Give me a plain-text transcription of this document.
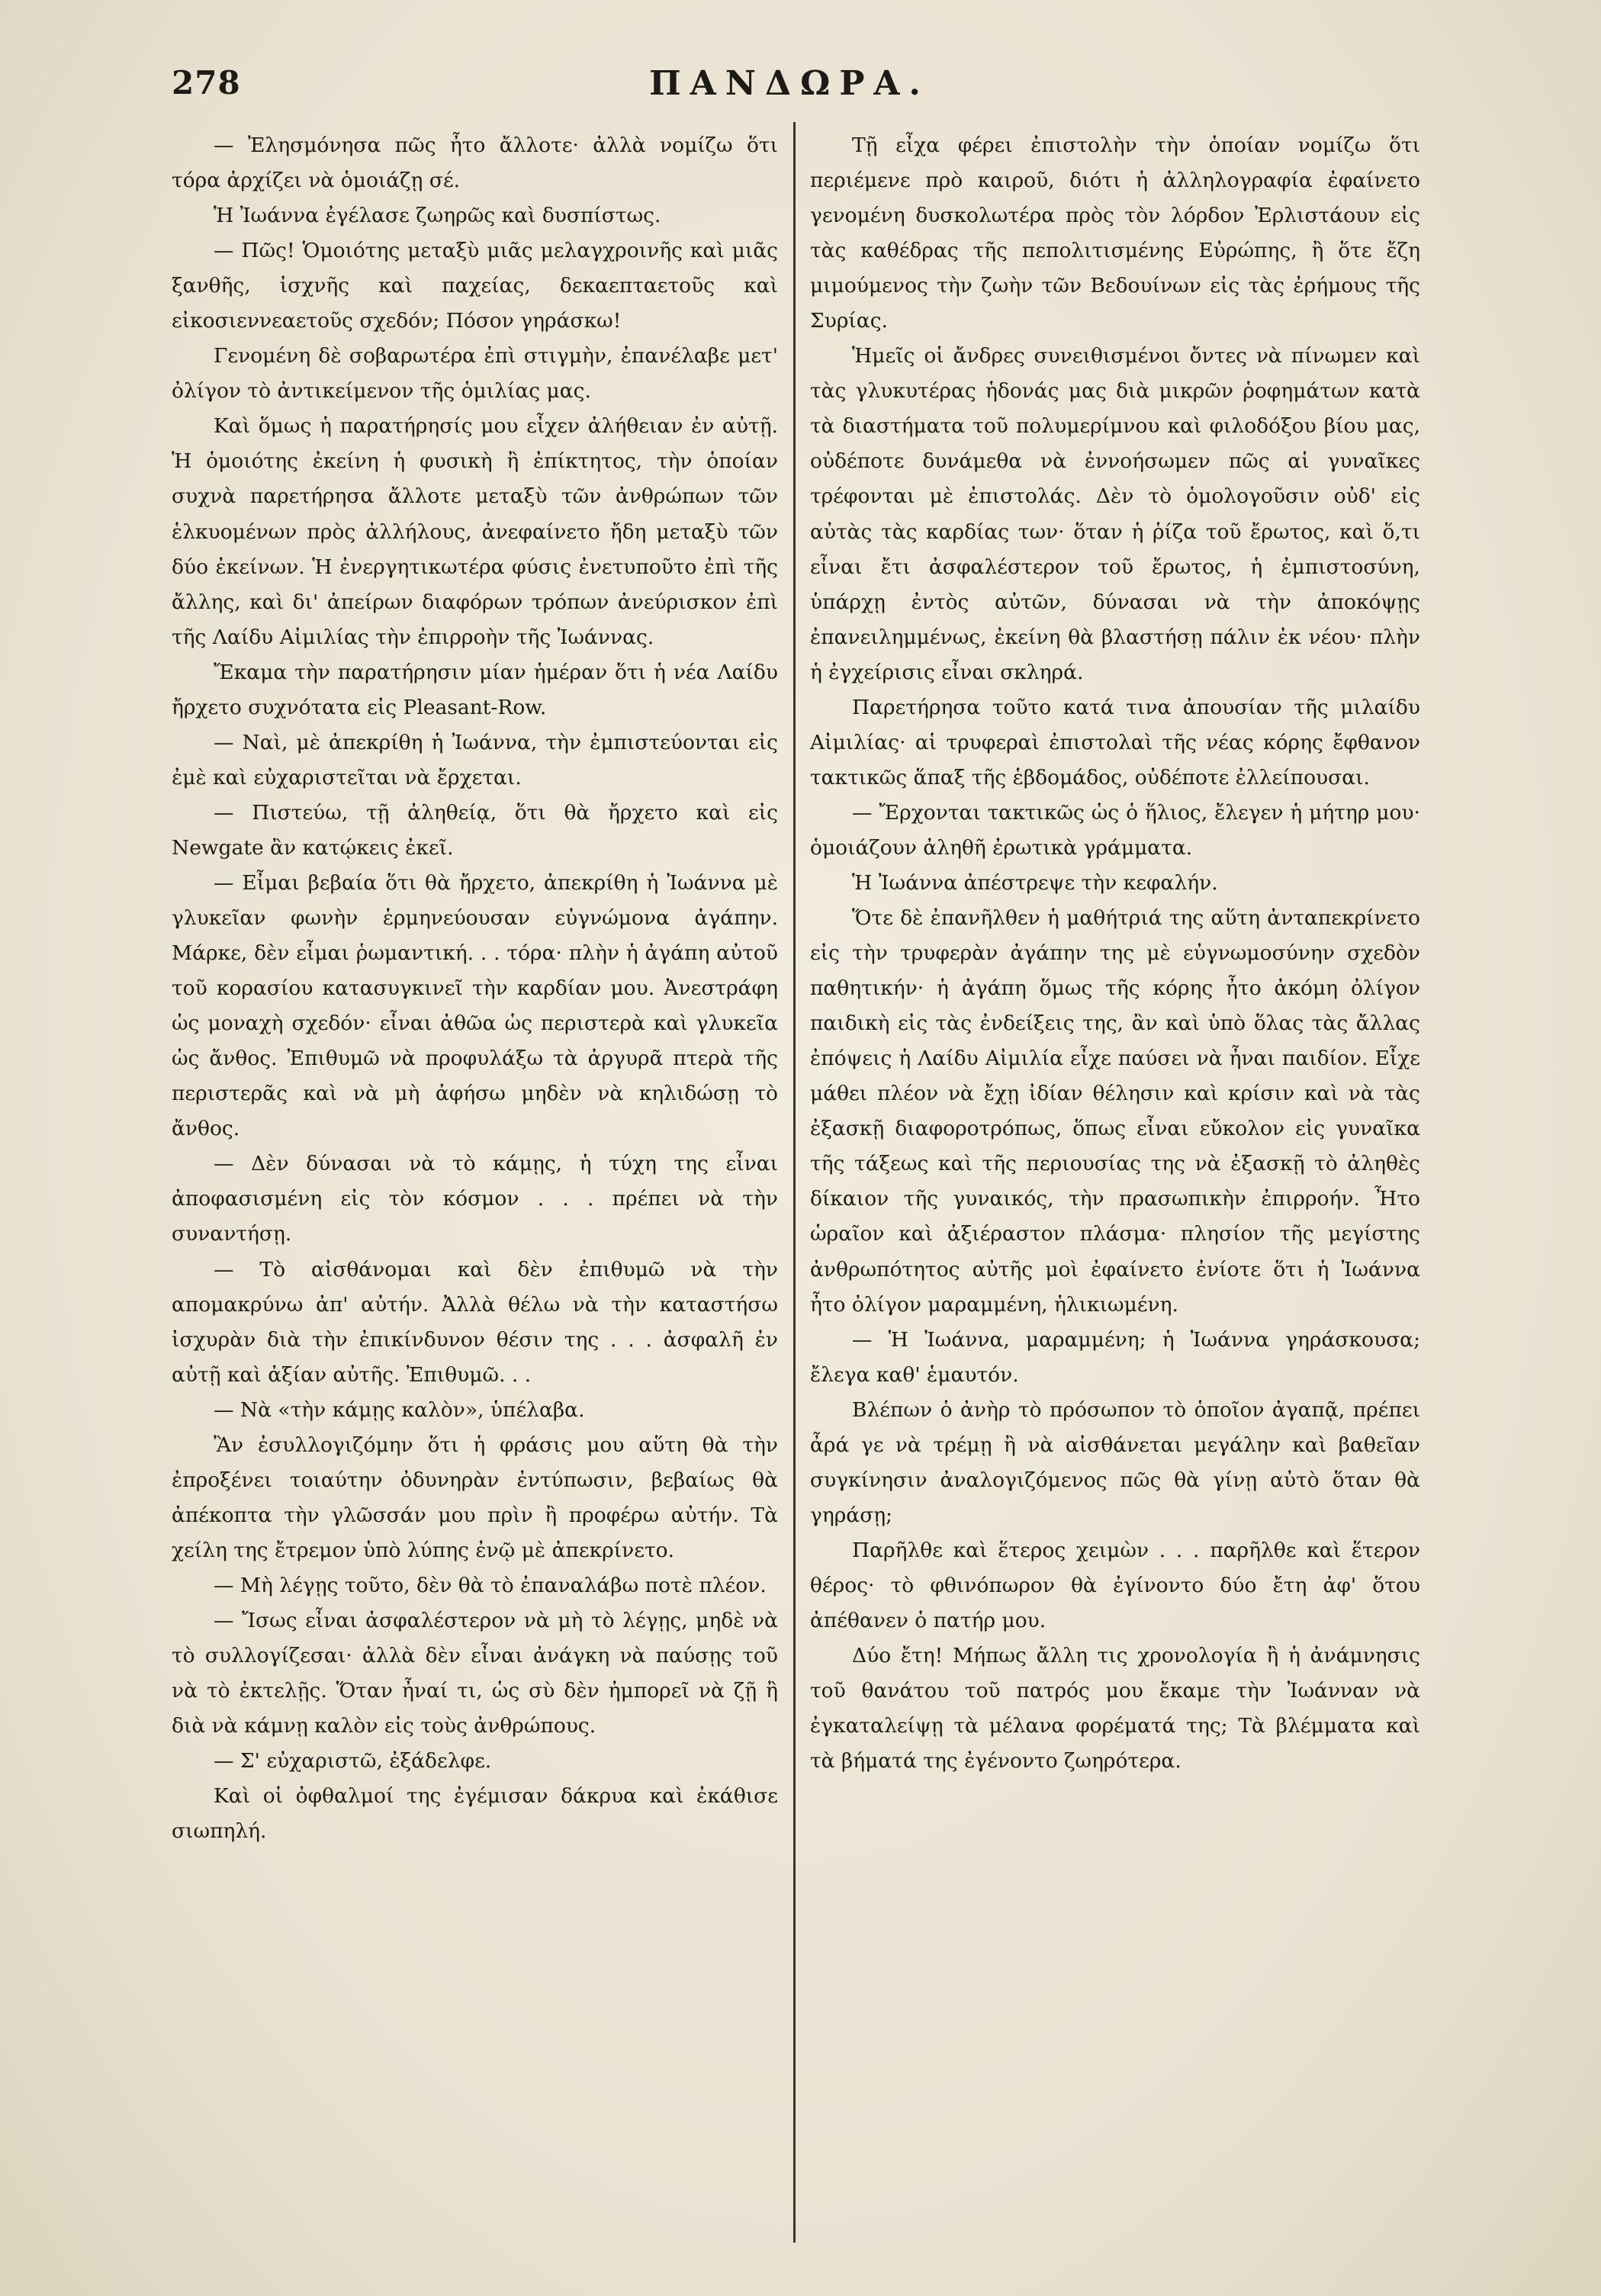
278	ΠΑΝΔΩΡΑ.

— Ἐλησμόνησα πῶς ἦτο ἄλλοτε· ἀλλὰ νομίζω ὅτι τόρα ἀρχίζει νὰ ὁμοιάζῃ σέ.

Ἡ Ἰωάννα ἐγέλασε ζωηρῶς καὶ δυσπίστως.

— Πῶς! Ὁμοιότης μεταξὺ μιᾶς μελαγχροινῆς καὶ μιᾶς ξανθῆς, ἰσχνῆς καὶ παχείας, δεκαεπταετοῦς καὶ εἰκοσιεννεαετοῦς σχεδόν; Πόσον γηράσκω!

Γενομένη δὲ σοβαρωτέρα ἐπὶ στιγμὴν, ἐπανέλαβε μετ' ὀλίγον τὸ ἀντικείμενον τῆς ὁμιλίας μας.

Καὶ ὅμως ἡ παρατήρησίς μου εἶχεν ἀλήθειαν ἐν αὐτῇ. Ἡ ὁμοιότης ἐκείνη ἡ φυσικὴ ἢ ἐπίκτητος, τὴν ὁποίαν συχνὰ παρετήρησα ἄλλοτε μεταξὺ τῶν ἀνθρώπων τῶν ἑλκυομένων πρὸς ἀλλήλους, ἀνεφαίνετο ἤδη μεταξὺ τῶν δύο ἐκείνων. Ἡ ἐνεργητικωτέρα φύσις ἐνετυποῦτο ἐπὶ τῆς ἄλλης, καὶ δι' ἀπείρων διαφόρων τρόπων ἀνεύρισκον ἐπὶ τῆς Λαίδυ Αἰμιλίας τὴν ἐπιρροὴν τῆς Ἰωάννας.

Ἔκαμα τὴν παρατήρησιν μίαν ἡμέραν ὅτι ἡ νέα Λαίδυ ἤρχετο συχνότατα εἰς Pleasant-Row.

— Ναὶ, μὲ ἀπεκρίθη ἡ Ἰωάννα, τὴν ἐμπιστεύονται εἰς ἐμὲ καὶ εὐχαριστεῖται νὰ ἔρχεται.

— Πιστεύω, τῇ ἀληθείᾳ, ὅτι θὰ ἤρχετο καὶ εἰς Newgate ἂν κατῴκεις ἐκεῖ.

— Εἶμαι βεβαία ὅτι θὰ ἤρχετο, ἀπεκρίθη ἡ Ἰωάννα μὲ γλυκεῖαν φωνὴν ἑρμηνεύουσαν εὐγνώμονα ἀγάπην. Μάρκε, δὲν εἶμαι ῥωμαντική. . . τόρα· πλὴν ἡ ἀγάπη αὐτοῦ τοῦ κορασίου κατασυγκινεῖ τὴν καρδίαν μου. Ἀνεστράφη ὡς μοναχὴ σχεδόν· εἶναι ἀθῶα ὡς περιστερὰ καὶ γλυκεῖα ὡς ἄνθος. Ἐπιθυμῶ νὰ προφυλάξω τὰ ἀργυρᾶ πτερὰ τῆς περιστερᾶς καὶ νὰ μὴ ἀφήσω μηδὲν νὰ κηλιδώσῃ τὸ ἄνθος.

— Δὲν δύνασαι νὰ τὸ κάμῃς, ἡ τύχη της εἶναι ἀποφασισμένη εἰς τὸν κόσμον . . . πρέπει νὰ τὴν συναντήσῃ.

— Τὸ αἰσθάνομαι καὶ δὲν ἐπιθυμῶ νὰ τὴν απομακρύνω ἀπ' αὐτήν. Ἀλλὰ θέλω νὰ τὴν καταστήσω ἰσχυρὰν διὰ τὴν ἐπικίνδυνον θέσιν της . . . ἀσφαλῆ ἐν αὐτῇ καὶ ἀξίαν αὐτῆς. Ἐπιθυμῶ. . .

— Νὰ «τὴν κάμῃς καλὸν», ὑπέλαβα.

Ἂν ἐσυλλογιζόμην ὅτι ἡ φράσις μου αὕτη θὰ τὴν ἐπροξένει τοιαύτην ὀδυνηρὰν ἐντύπωσιν, βεβαίως θὰ ἀπέκοπτα τὴν γλῶσσάν μου πρὶν ἢ προφέρω αὐτήν. Τὰ χείλη της ἔτρεμον ὑπὸ λύπης ἐνῷ μὲ ἀπεκρίνετο.

— Μὴ λέγῃς τοῦτο, δὲν θὰ τὸ ἐπαναλάβω ποτὲ πλέον.

— Ἴσως εἶναι ἀσφαλέστερον νὰ μὴ τὸ λέγῃς, μηδὲ νὰ τὸ συλλογίζεσαι· ἀλλὰ δὲν εἶναι ἀνάγκη νὰ παύσῃς τοῦ νὰ τὸ ἐκτελῇς. Ὅταν ἦναί τι, ὡς σὺ δὲν ἠμπορεῖ νὰ ζῇ ἢ διὰ νὰ κάμνῃ καλὸν εἰς τοὺς ἀνθρώπους.

— Σ' εὐχαριστῶ, ἐξάδελφε.

Καὶ οἱ ὀφθαλμοί της ἐγέμισαν δάκρυα καὶ ἐκάθισε σιωπηλή.

Τῇ εἶχα φέρει ἐπιστολὴν τὴν ὁποίαν νομίζω ὅτι περιέμενε πρὸ καιροῦ, διότι ἡ ἀλληλογραφία ἐφαίνετο γενομένη δυσκολωτέρα πρὸς τὸν λόρδον Ἐρλιστάουν εἰς τὰς καθέδρας τῆς πεπολιτισμένης Εὐρώπης, ἢ ὅτε ἔζη μιμούμενος τὴν ζωὴν τῶν Βεδουίνων εἰς τὰς ἐρήμους τῆς Συρίας.

Ἡμεῖς οἱ ἄνδρες συνειθισμένοι ὄντες νὰ πίνωμεν καὶ τὰς γλυκυτέρας ἡδονάς μας διὰ μικρῶν ῥοφημάτων κατὰ τὰ διαστήματα τοῦ πολυμερίμνου καὶ φιλοδόξου βίου μας, οὐδέποτε δυνάμεθα νὰ ἐννοήσωμεν πῶς αἱ γυναῖκες τρέφονται μὲ ἐπιστολάς. Δὲν τὸ ὁμολογοῦσιν οὐδ' εἰς αὐτὰς τὰς καρδίας των· ὅταν ἡ ῥίζα τοῦ ἔρωτος, καὶ ὅ,τι εἶναι ἔτι ἀσφαλέστερον τοῦ ἔρωτος, ἡ ἐμπιστοσύνη, ὑπάρχῃ ἐντὸς αὐτῶν, δύνασαι νὰ τὴν ἀποκόψῃς ἐπανειλημμένως, ἐκείνη θὰ βλαστήσῃ πάλιν ἐκ νέου· πλὴν ἡ ἐγχείρισις εἶναι σκληρά.

Παρετήρησα τοῦτο κατά τινα ἀπουσίαν τῆς μιλαίδυ Αἰμιλίας· αἱ τρυφεραὶ ἐπιστολαὶ τῆς νέας κόρης ἔφθανον τακτικῶς ἅπαξ τῆς ἑβδομάδος, οὐδέποτε ἐλλείπουσαι.

— Ἔρχονται τακτικῶς ὡς ὁ ἥλιος, ἔλεγεν ἡ μήτηρ μου· ὁμοιάζουν ἀληθῆ ἐρωτικὰ γράμματα.

Ἡ Ἰωάννα ἀπέστρεψε τὴν κεφαλήν.

Ὅτε δὲ ἐπανῆλθεν ἡ μαθήτριά της αὕτη ἀνταπεκρίνετο εἰς τὴν τρυφερὰν ἀγάπην της μὲ εὐγνωμοσύνην σχεδὸν παθητικήν· ἡ ἀγάπη ὅμως τῆς κόρης ἦτο ἀκόμη ὀλίγον παιδικὴ εἰς τὰς ἐνδείξεις της, ἂν καὶ ὑπὸ ὅλας τὰς ἄλλας ἐπόψεις ἡ Λαίδυ Αἰμιλία εἶχε παύσει νὰ ἦναι παιδίον. Εἶχε μάθει πλέον νὰ ἔχῃ ἰδίαν θέλησιν καὶ κρίσιν καὶ νὰ τὰς ἐξασκῇ διαφοροτρόπως, ὅπως εἶναι εὔκολον εἰς γυναῖκα τῆς τάξεως καὶ τῆς περιουσίας της νὰ ἐξασκῇ τὸ ἀληθὲς δίκαιον τῆς γυναικός, τὴν πρασωπικὴν ἐπιρροήν. Ἦτο ὡραῖον καὶ ἀξιέραστον πλάσμα· πλησίον τῆς μεγίστης ἀνθρωπότητος αὐτῆς μοὶ ἐφαίνετο ἐνίοτε ὅτι ἡ Ἰωάννα ἦτο ὀλίγον μαραμμένη, ἡλικιωμένη.

— Ἡ Ἰωάννα, μαραμμένη; ἡ Ἰωάννα γηράσκουσα; ἔλεγα καθ' ἑμαυτόν.

Βλέπων ὁ ἀνὴρ τὸ πρόσωπον τὸ ὁποῖον ἀγαπᾷ, πρέπει ἆρά γε νὰ τρέμῃ ἢ νὰ αἰσθάνεται μεγάλην καὶ βαθεῖαν συγκίνησιν ἀναλογιζόμενος πῶς θὰ γίνῃ αὐτὸ ὅταν θὰ γηράσῃ;

Παρῆλθε καὶ ἕτερος χειμὼν . . . παρῆλθε καὶ ἕτερον θέρος· τὸ φθινόπωρον θὰ ἐγίνοντο δύο ἔτη ἀφ' ὅτου ἀπέθανεν ὁ πατήρ μου.

Δύο ἔτη! Μήπως ἄλλη τις χρονολογία ἢ ἡ ἀνάμνησις τοῦ θανάτου τοῦ πατρός μου ἔκαμε τὴν Ἰωάνναν νὰ ἐγκαταλείψῃ τὰ μέλανα φορέματά της; Τὰ βλέμματα καὶ τὰ βήματά της ἐγένοντο ζωηρότερα.
